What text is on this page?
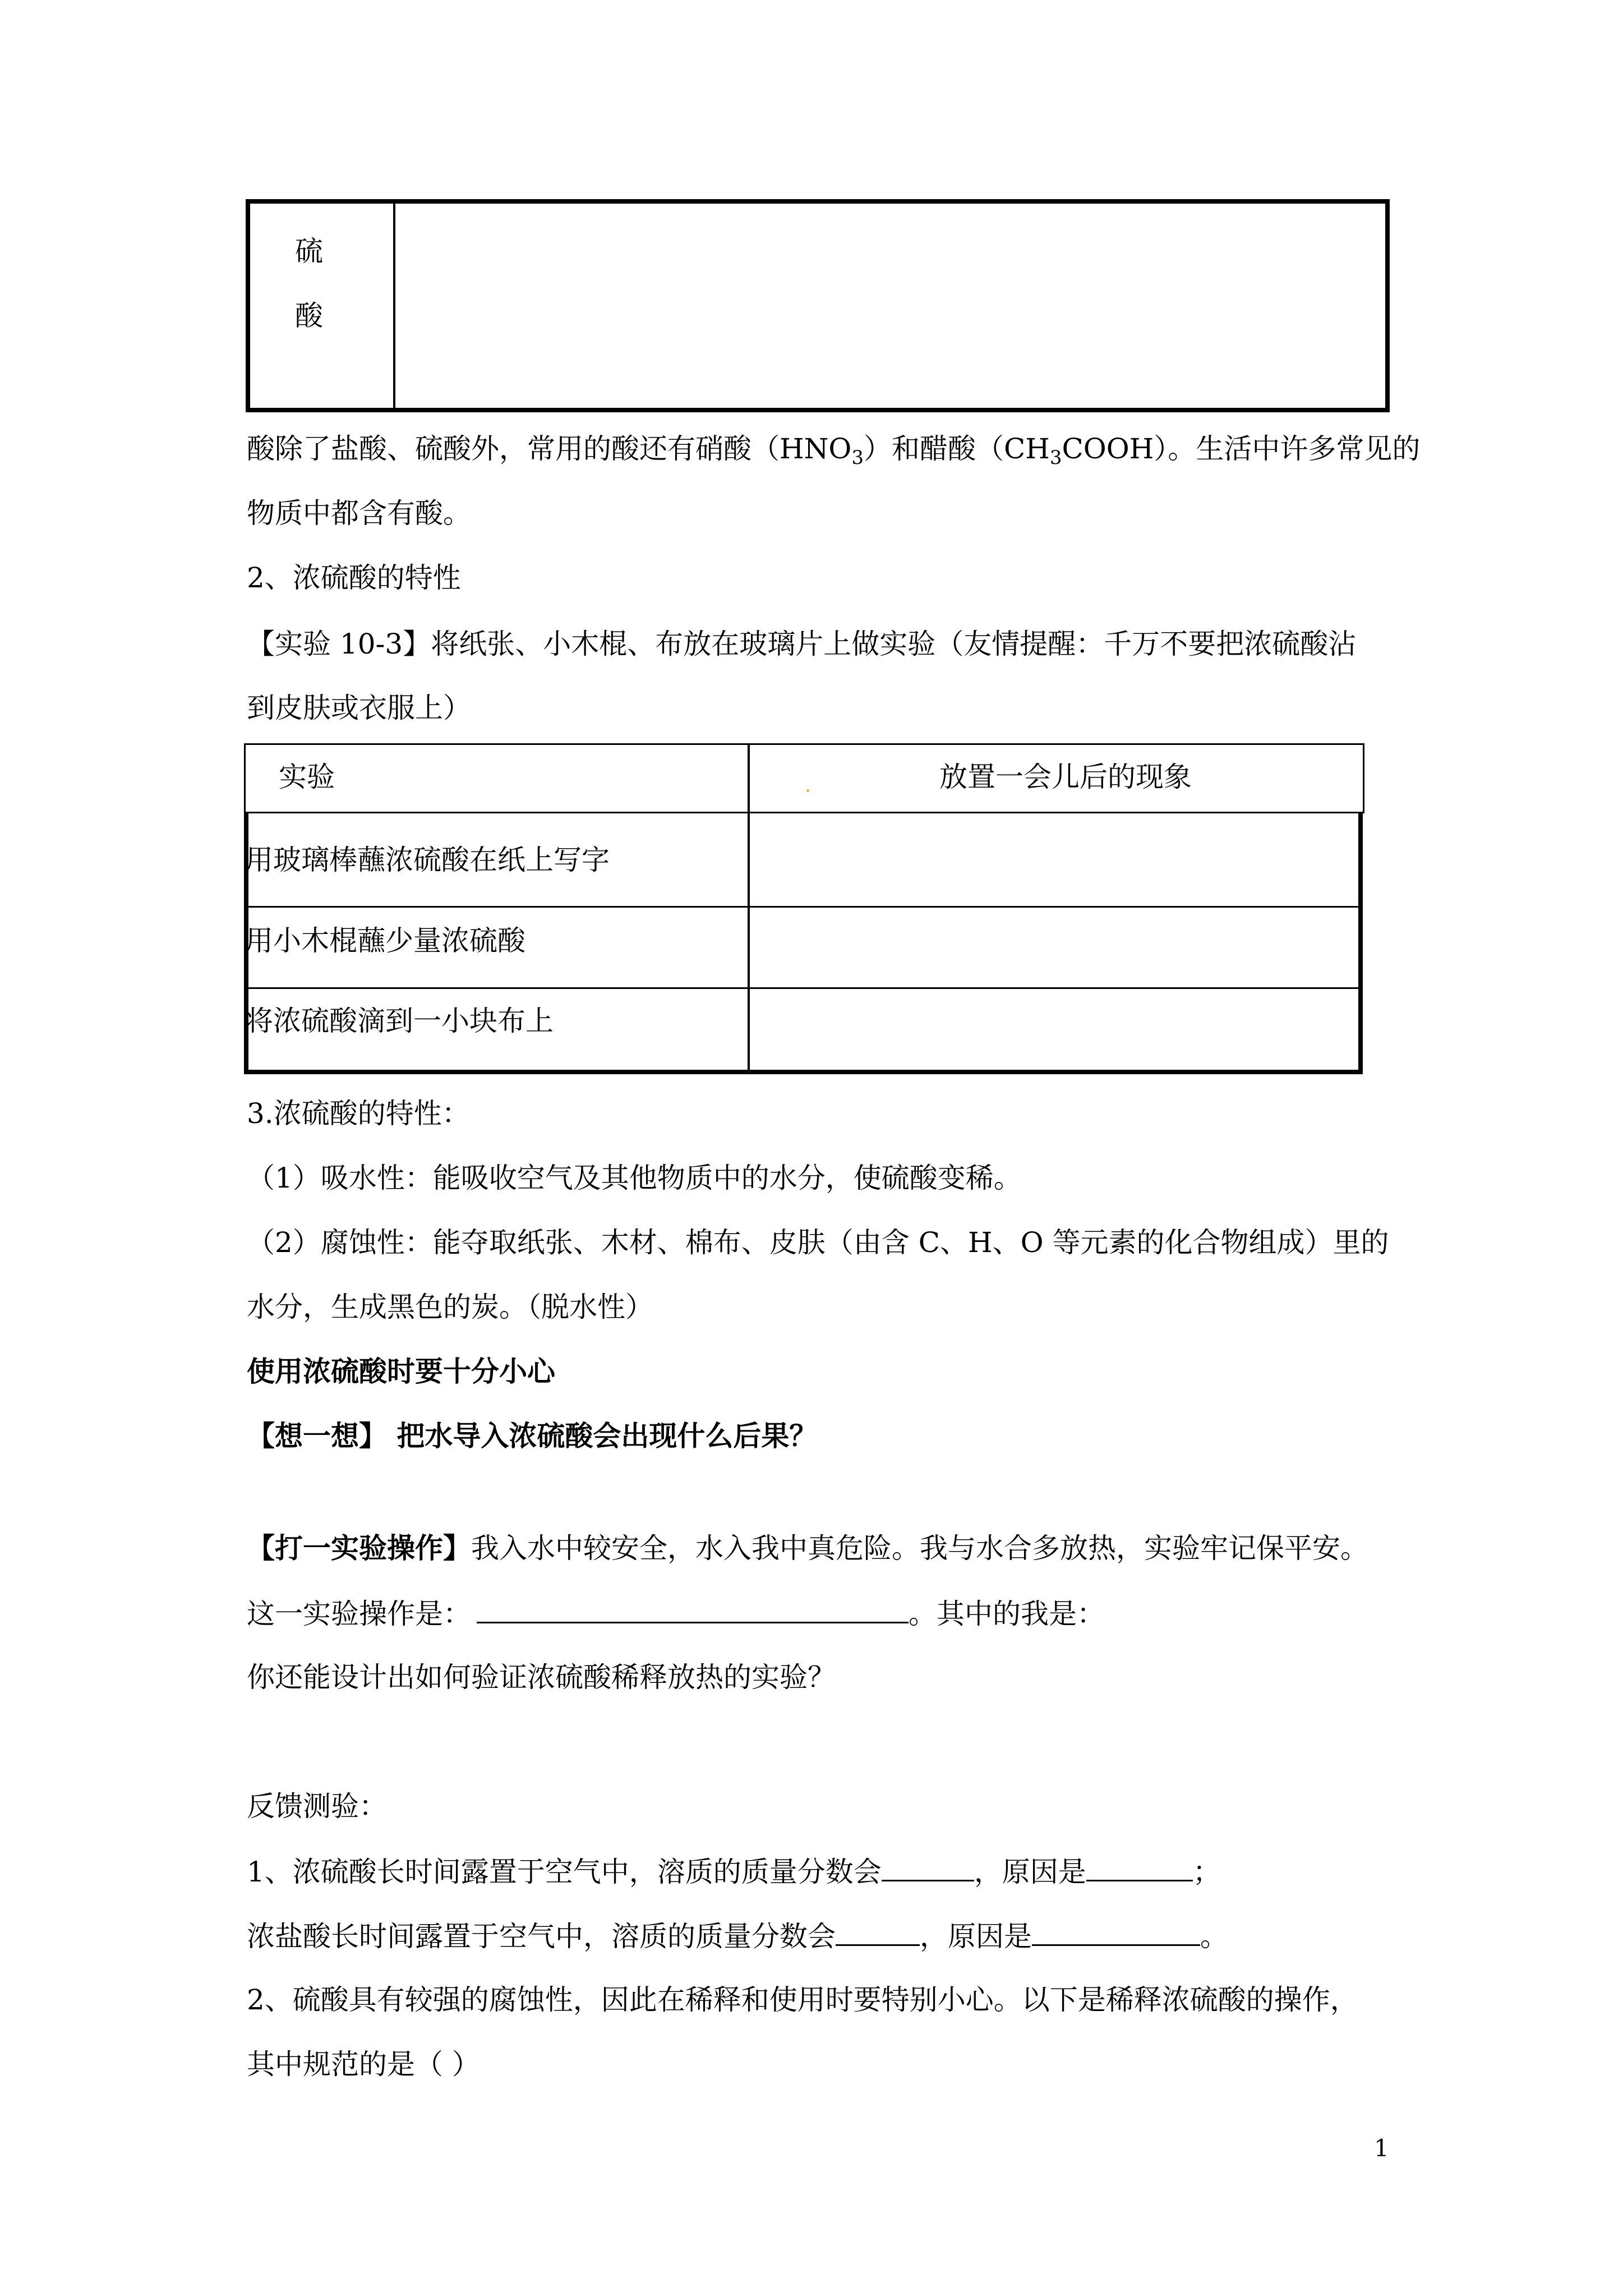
硫
酸

酸除了盐酸、硫酸外，常用的酸还有硝酸$(HNO_3)$和醋酸$(CH_3COOH)$。生活中许多常见的

物质中都含有酸。

2、浓硫酸的特性

【实验 10-3】将纸张、小木棍、布放在玻璃片上做实验（友情提醒：千万不要把浓硫酸沾

到皮肤或衣服上）

实验	放置一会儿后的现象
用玻璃棒蘸浓硫酸在纸上写字
用小木棍蘸少量浓硫酸
将浓硫酸滴到一小块布上

3.浓硫酸的特性：

（1）吸水性：能吸收空气及其他物质中的水分，使硫酸变稀。

（2）腐蚀性：能夺取纸张、木材、棉布、皮肤（由含 C、H、O 等元素的化合物组成）里的

水分，生成黑色的炭。（脱水性）

使用浓硫酸时要十分小心

【想一想】 把水导入浓硫酸会出现什么后果？

【打一实验操作】我入水中较安全，水入我中真危险。我与水合多放热，实验牢记保平安。

这一实验操作是：	。其中的我是：

你还能设计出如何验证浓硫酸稀释放热的实验？

反馈测验：

1、浓硫酸长时间露置于空气中，溶质的质量分数会	，原因是	；

浓盐酸长时间露置于空气中，溶质的质量分数会	，原因是	。

2、硫酸具有较强的腐蚀性，因此在稀释和使用时要特别小心。以下是稀释浓硫酸的操作，

其中规范的是（ ）

1
